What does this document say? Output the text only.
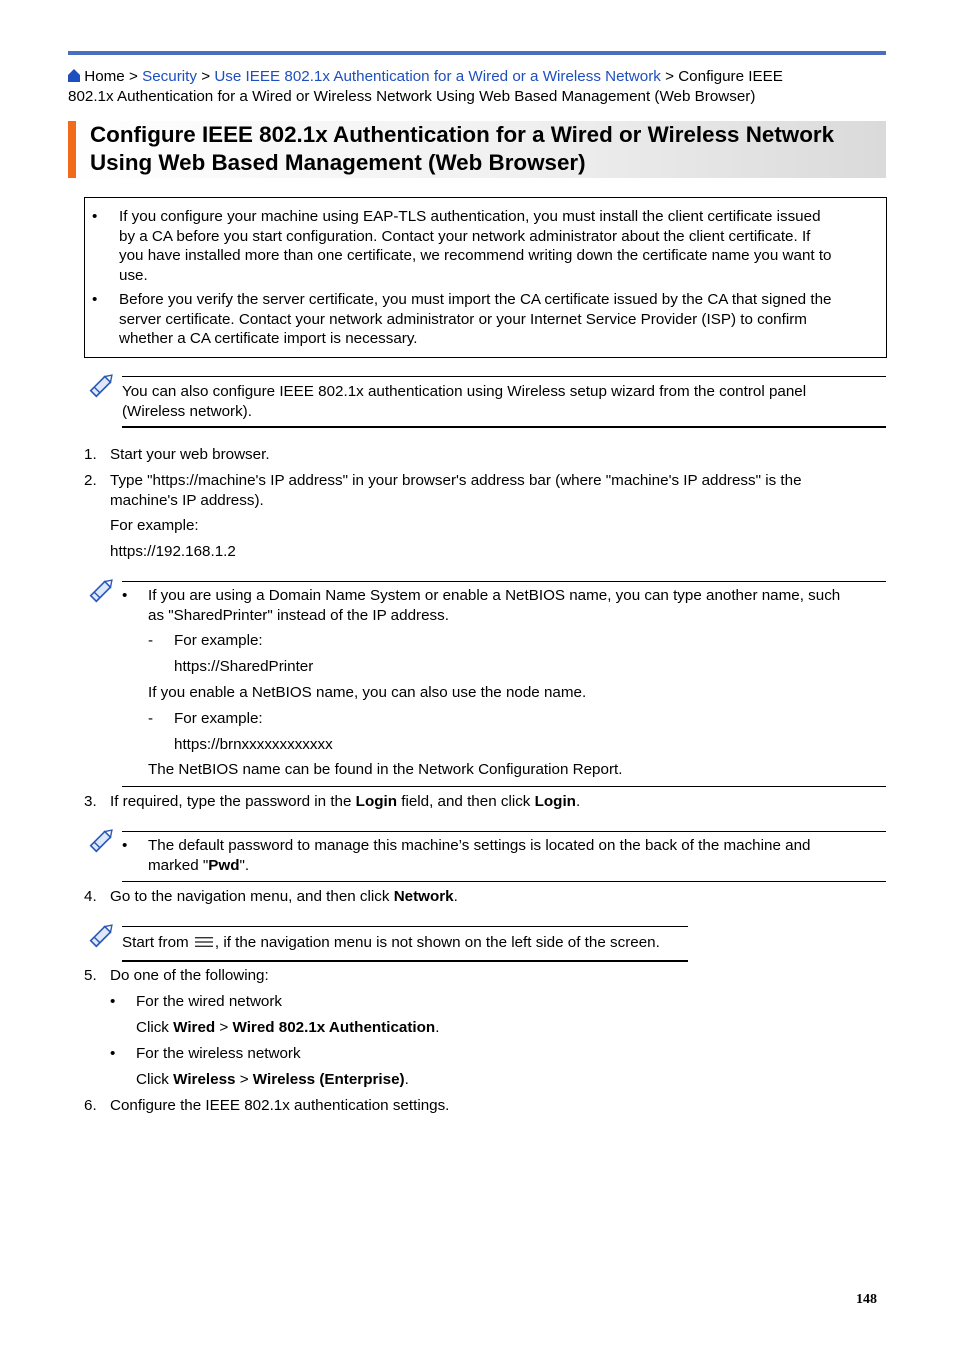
Home > Security > Use IEEE 802.1x Authentication for a Wired or a Wireless Network > Configure IEEE
802.1x Authentication for a Wired or Wireless Network Using Web Based Management (Web Browser)
Configure IEEE 802.1x Authentication for a Wired or Wireless Network
Using Web Based Management (Web Browser)
• If you configure your machine using EAP-TLS authentication, you must install the client certificate issued
by a CA before you start configuration. Contact your network administrator about the client certificate. If
you have installed more than one certificate, we recommend writing down the certificate name you want to
use.
• Before you verify the server certificate, you must import the CA certificate issued by the CA that signed the
server certificate. Contact your network administrator or your Internet Service Provider (ISP) to confirm
whether a CA certificate import is necessary.
You can also configure IEEE 802.1x authentication using Wireless setup wizard from the control panel
(Wireless network).
1. Start your web browser.
2. Type "https://machine's IP address" in your browser's address bar (where "machine's IP address" is the
machine's IP address).
For example:
https://192.168.1.2
• If you are using a Domain Name System or enable a NetBIOS name, you can type another name, such
as "SharedPrinter" instead of the IP address.
- For example:
https://SharedPrinter
If you enable a NetBIOS name, you can also use the node name.
- For example:
https://brnxxxxxxxxxxxx
The NetBIOS name can be found in the Network Configuration Report.
3. If required, type the password in the Login field, and then click Login.
• The default password to manage this machine’s settings is located on the back of the machine and
marked "Pwd".
4. Go to the navigation menu, and then click Network.
Start from , if the navigation menu is not shown on the left side of the screen.
5. Do one of the following:
• For the wired network
Click Wired > Wired 802.1x Authentication.
• For the wireless network
Click Wireless > Wireless (Enterprise).
6. Configure the IEEE 802.1x authentication settings.
148
